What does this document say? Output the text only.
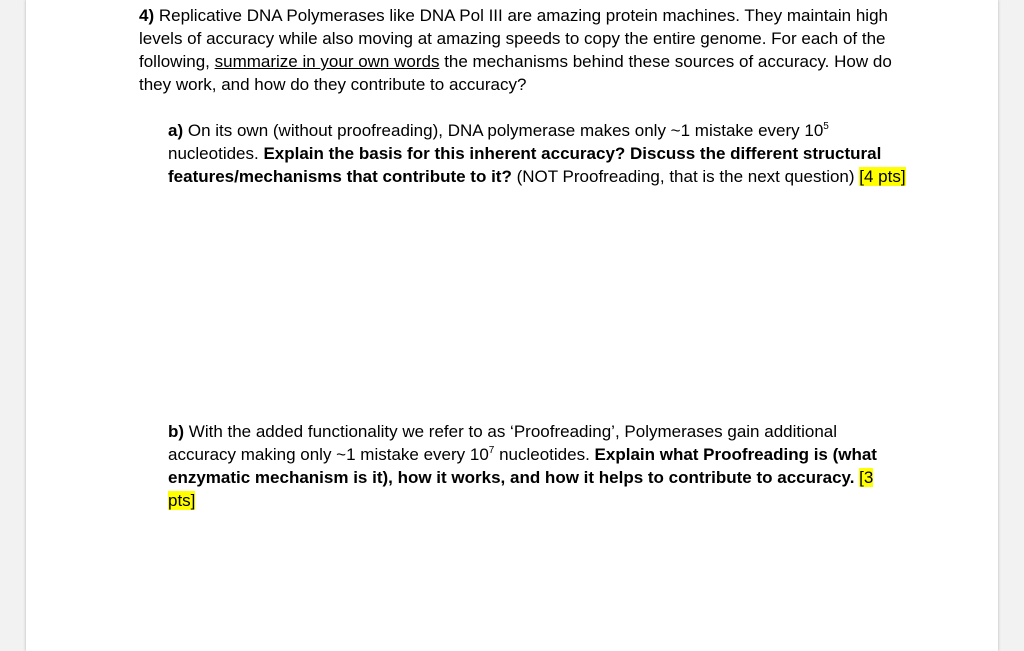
4) Replicative DNA Polymerases like DNA Pol III are amazing protein machines. They maintain high levels of accuracy while also moving at amazing speeds to copy the entire genome. For each of the following, summarize in your own words the mechanisms behind these sources of accuracy. How do they work, and how do they contribute to accuracy?

a) On its own (without proofreading), DNA polymerase makes only ~1 mistake every $10^5$ nucleotides. Explain the basis for this inherent accuracy? Discuss the different structural features/mechanisms that contribute to it? (NOT Proofreading, that is the next question) [4 pts]

b) With the added functionality we refer to as ‘Proofreading’, Polymerases gain additional accuracy making only ~1 mistake every $10^7$ nucleotides. Explain what Proofreading is (what enzymatic mechanism is it), how it works, and how it helps to contribute to accuracy. [3 pts]
